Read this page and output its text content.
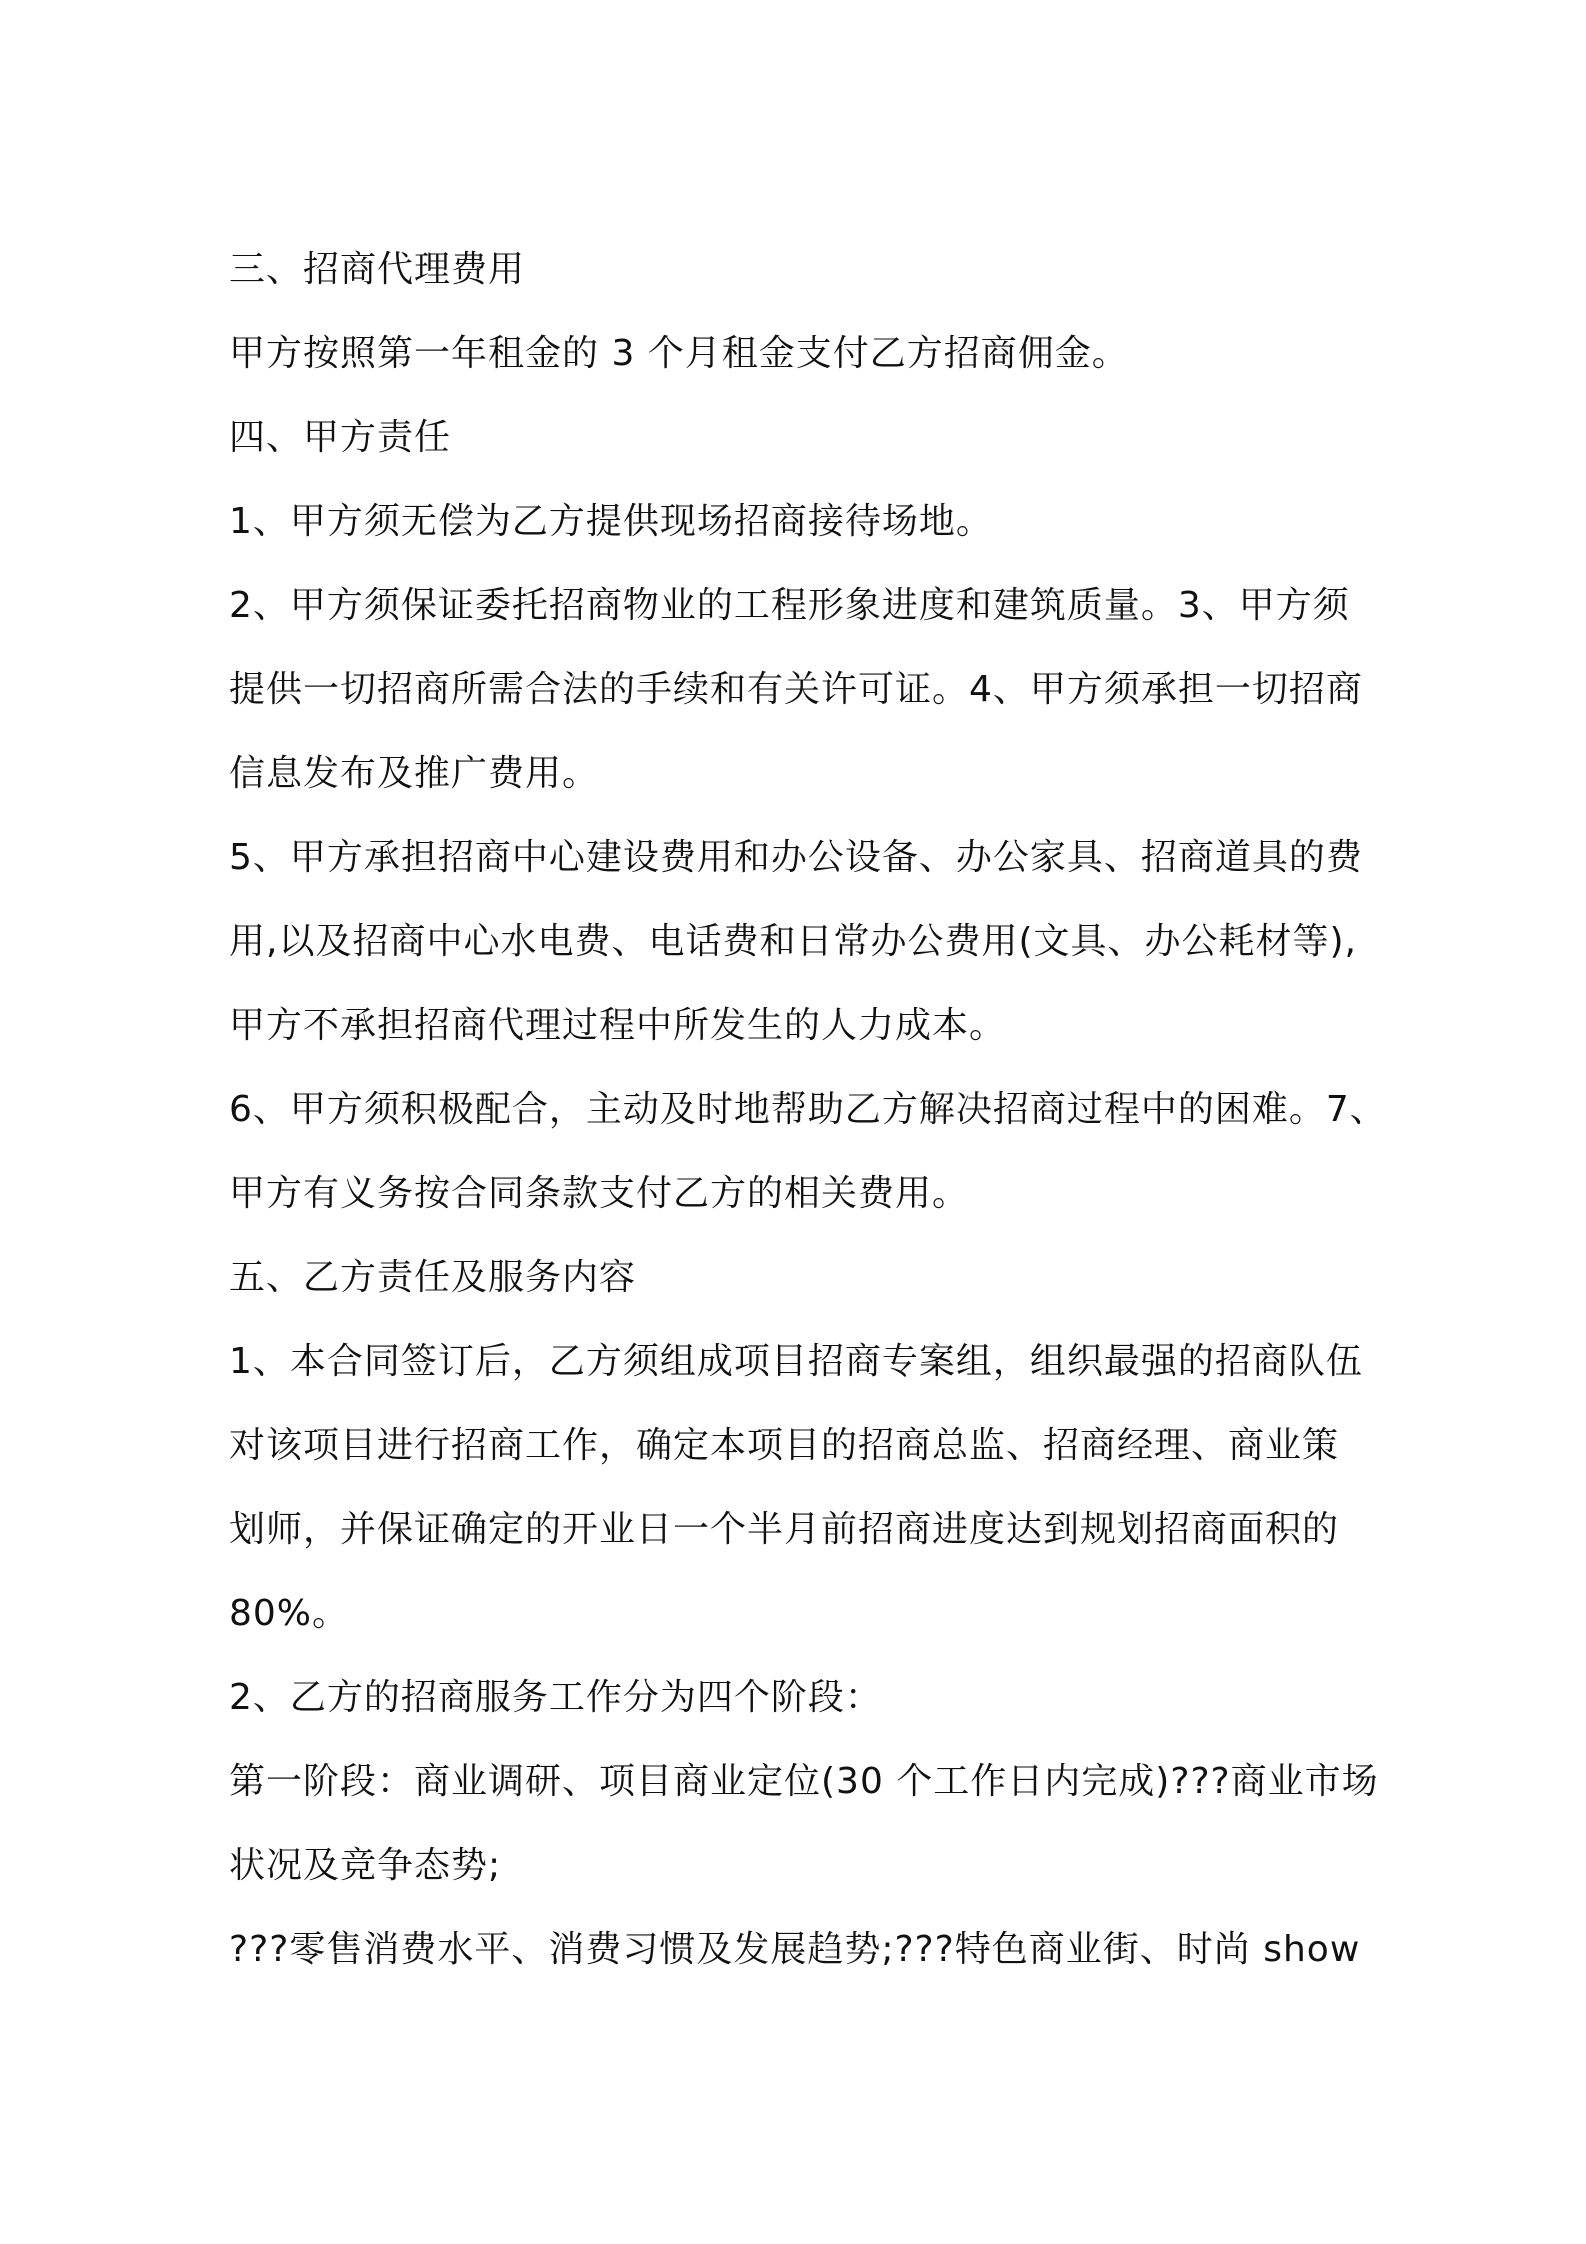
三、招商代理费用
甲方按照第一年租金的 3 个月租金支付乙方招商佣金。
四、甲方责任
1、甲方须无偿为乙方提供现场招商接待场地。
2、甲方须保证委托招商物业的工程形象进度和建筑质量。3、甲方须
提供一切招商所需合法的手续和有关许可证。4、甲方须承担一切招商
信息发布及推广费用。
5、甲方承担招商中心建设费用和办公设备、办公家具、招商道具的费
用,以及招商中心水电费、电话费和日常办公费用(文具、办公耗材等),
甲方不承担招商代理过程中所发生的人力成本。
6、甲方须积极配合，主动及时地帮助乙方解决招商过程中的困难。7、
甲方有义务按合同条款支付乙方的相关费用。
五、乙方责任及服务内容
1、本合同签订后，乙方须组成项目招商专案组，组织最强的招商队伍
对该项目进行招商工作，确定本项目的招商总监、招商经理、商业策
划师，并保证确定的开业日一个半月前招商进度达到规划招商面积的
80%。
2、乙方的招商服务工作分为四个阶段：
第一阶段：商业调研、项目商业定位(30 个工作日内完成)???商业市场
状况及竞争态势;
???零售消费水平、消费习惯及发展趋势;???特色商业街、时尚 show
